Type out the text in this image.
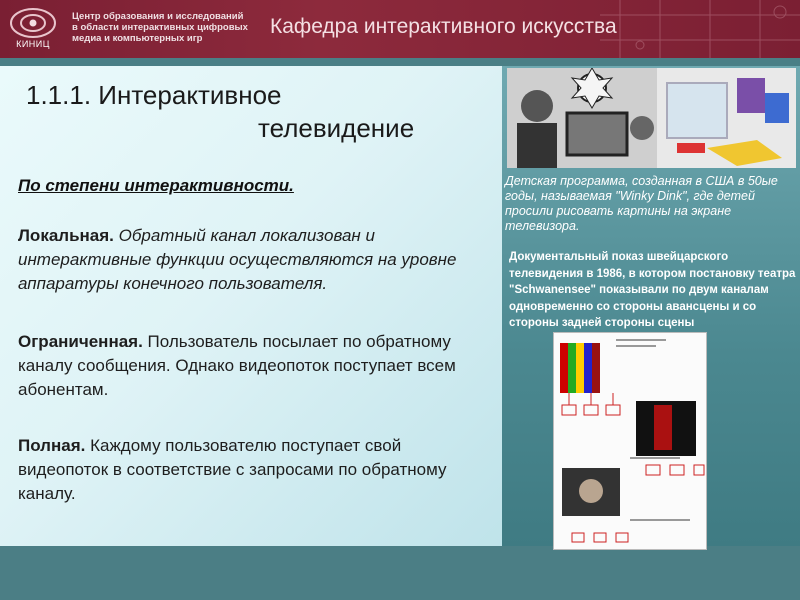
КИНИЦ
Центр образования и исследований
в области интерактивных цифровых
медиа и компьютерных игр
Кафедра интерактивного искусства
1.1.1. Интерактивное
телевидение
По степени интерактивности.
Локальная. Обратный канал локализован и интерактивные функции осуществляются на уровне аппаратуры конечного пользователя.
Ограниченная. Пользователь посылает по обратному каналу сообщения. Однако видеопоток поступает всем абонентам.
Полная. Каждому пользователю поступает свой видеопоток в соответствие с запросами по обратному каналу.
Детская программа, созданная в США в 50ые годы, называемая "Winky Dink", где детей просили рисовать картины на экране телевизора.
Документальный показ швейцарского телевидения в 1986, в котором постановку театра "Schwanensee" показывали по двум каналам одновременно со стороны авансцены и со стороны задней стороны сцены
